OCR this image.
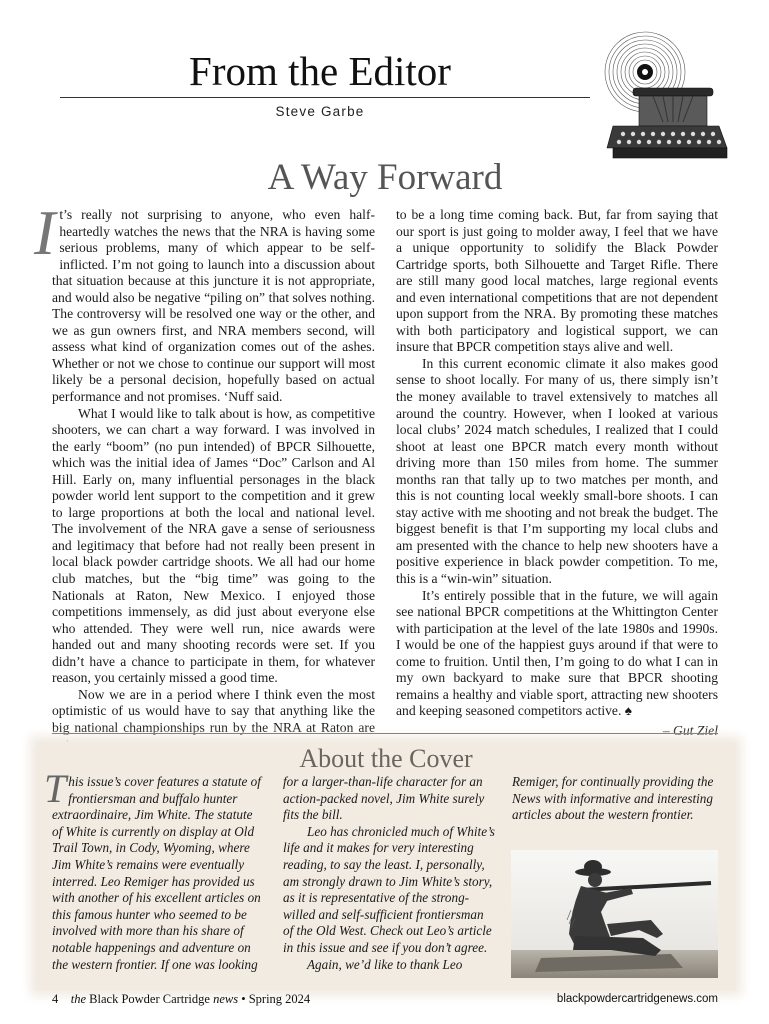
From the Editor
Steve Garbe
A Way Forward

It’s really not surprising to anyone, who even half-heartedly watches the news that the NRA is having some serious problems, many of which appear to be self-inflicted. I’m not going to launch into a discussion about that situation because at this juncture it is not appropriate, and would also be negative “piling on” that solves nothing. The controversy will be resolved one way or the other, and we as gun owners first, and NRA members second, will assess what kind of organization comes out of the ashes. Whether or not we chose to continue our support will most likely be a personal decision, hopefully based on actual performance and not promises. ‘Nuff said.

What I would like to talk about is how, as competitive shooters, we can chart a way forward. I was involved in the early “boom” (no pun intended) of BPCR Silhouette, which was the initial idea of James “Doc” Carlson and Al Hill. Early on, many influential personages in the black powder world lent support to the competition and it grew to large proportions at both the local and national level. The involvement of the NRA gave a sense of seriousness and legitimacy that before had not really been present in local black powder cartridge shoots. We all had our home club matches, but the “big time” was going to the Nationals at Raton, New Mexico. I enjoyed those competitions immensely, as did just about everyone else who attended. They were well run, nice awards were handed out and many shooting records were set. If you didn’t have a chance to participate in them, for whatever reason, you certainly missed a good time.

Now we are in a period where I think even the most optimistic of us would have to say that anything like the big national championships run by the NRA at Raton are

to be a long time coming back. But, far from saying that our sport is just going to molder away, I feel that we have a unique opportunity to solidify the Black Powder Cartridge sports, both Silhouette and Target Rifle. There are still many good local matches, large regional events and even international competitions that are not dependent upon support from the NRA. By promoting these matches with both participatory and logistical support, we can insure that BPCR competition stays alive and well.

In this current economic climate it also makes good sense to shoot locally. For many of us, there simply isn’t the money available to travel extensively to matches all around the country. However, when I looked at various local clubs’ 2024 match schedules, I realized that I could shoot at least one BPCR match every month without driving more than 150 miles from home. The summer months ran that tally up to two matches per month, and this is not counting local weekly small-bore shoots. I can stay active with me shooting and not break the budget. The biggest benefit is that I’m supporting my local clubs and am presented with the chance to help new shooters have a positive experience in black powder competition. To me, this is a “win-win” situation.

It’s entirely possible that in the future, we will again see national BPCR competitions at the Whittington Center with participation at the level of the late 1980s and 1990s. I would be one of the happiest guys around if that were to come to fruition. Until then, I’m going to do what I can in my own backyard to make sure that BPCR shooting remains a healthy and viable sport, attracting new shooters and keeping seasoned competitors active. ♠

– Gut Ziel
About the Cover

This issue’s cover features a statute of frontiersman and buffalo hunter extraordinaire, Jim White. The statute of White is currently on display at Old Trail Town, in Cody, Wyoming, where Jim White’s remains were eventually interred. Leo Remiger has provided us with another of his excellent articles on this famous hunter who seemed to be involved with more than his share of notable happenings and adventure on the western frontier. If one was looking

for a larger-than-life character for an action-packed novel, Jim White surely fits the bill.

Leo has chronicled much of White’s life and it makes for very interesting reading, to say the least. I, personally, am strongly drawn to Jim White’s story, as it is representative of the strong-willed and self-sufficient frontiersman of the Old West. Check out Leo’s article in this issue and see if you don’t agree.

Again, we’d like to thank Leo

Remiger, for continually providing the News with informative and interesting articles about the western frontier.

4 the Black Powder Cartridge news • Spring 2024	blackpowdercartridgenews.com
